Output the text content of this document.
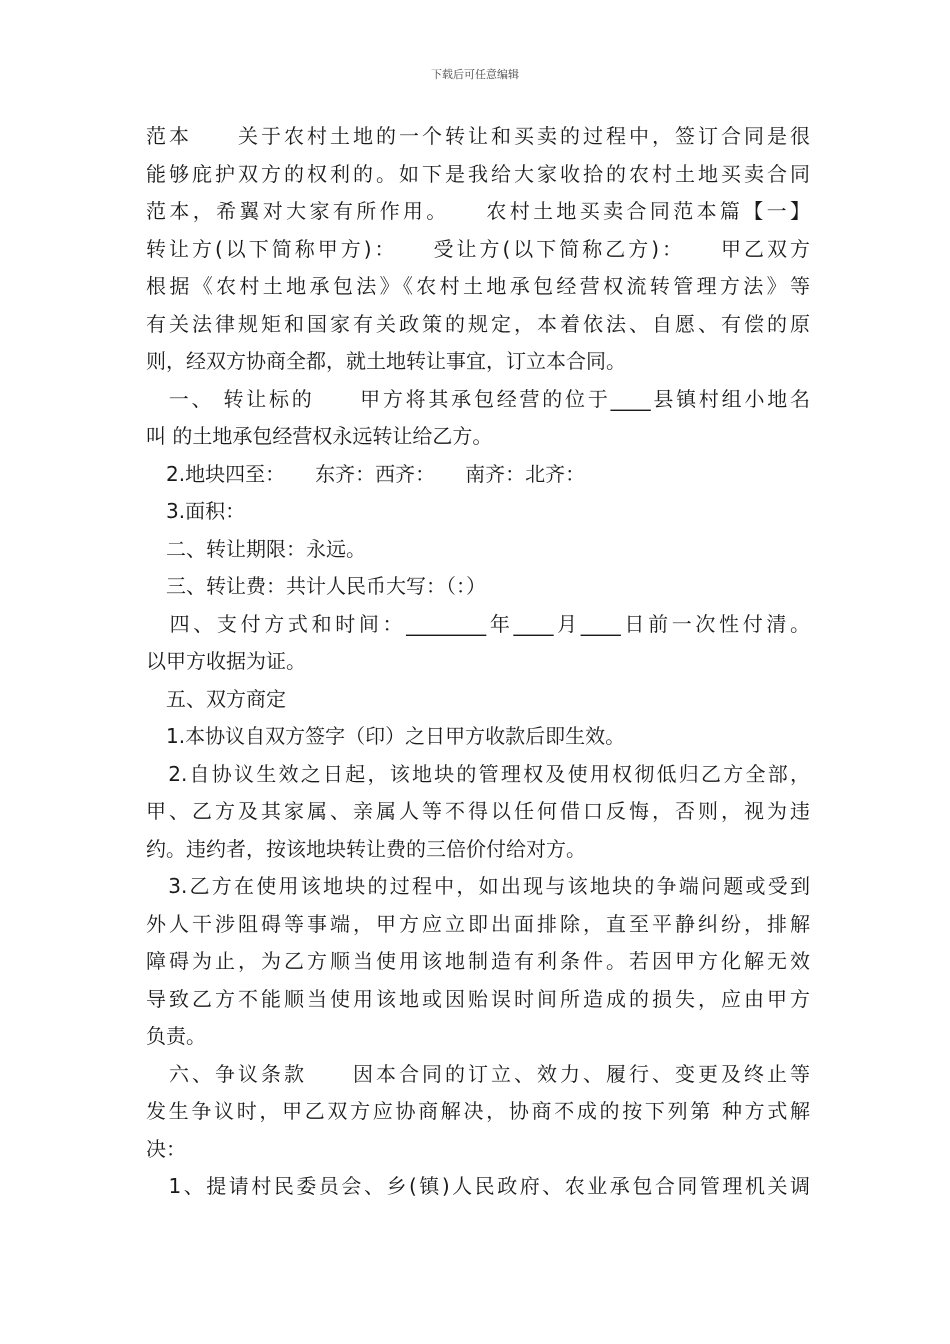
下载后可任意编辑
范本　　关于农村土地的一个转让和买卖的过程中，签订合同是很
能够庇护双方的权利的。如下是我给大家收拾的农村土地买卖合同
范本，希翼对大家有所作用。　　农村土地买卖合同范本篇【一】
转让方(以下简称甲方)：　　受让方(以下简称乙方)：　　甲乙双方
根据《农村土地承包法》《农村土地承包经营权流转管理方法》等
有关法律规矩和国家有关政策的规定，本着依法、自愿、有偿的原
则，经双方协商全都，就土地转让事宜，订立本合同。
　一、 转让标的　　甲方将其承包经营的位于____县镇村组小地名
叫 的土地承包经营权永远转让给乙方。
　2.地块四至：　　东齐：西齐：　　南齐：北齐：
　3.面积：
　二、转让期限：永远。
　三、转让费：共计人民币大写：（：）
　四、支付方式和时间：________年____月____日前一次性付清。
以甲方收据为证。
　五、双方商定
　1.本协议自双方签字（印）之日甲方收款后即生效。
　2.自协议生效之日起，该地块的管理权及使用权彻低归乙方全部，
甲、乙方及其家属、亲属人等不得以任何借口反悔，否则，视为违
约。违约者，按该地块转让费的三倍价付给对方。
　3.乙方在使用该地块的过程中，如出现与该地块的争端问题或受到
外人干涉阻碍等事端，甲方应立即出面排除，直至平静纠纷，排解
障碍为止，为乙方顺当使用该地制造有利条件。若因甲方化解无效
导致乙方不能顺当使用该地或因贻误时间所造成的损失，应由甲方
负责。
　六、争议条款　　因本合同的订立、效力、履行、变更及终止等
发生争议时，甲乙双方应协商解决，协商不成的按下列第 种方式解
决：
　1、提请村民委员会、乡(镇)人民政府、农业承包合同管理机关调
